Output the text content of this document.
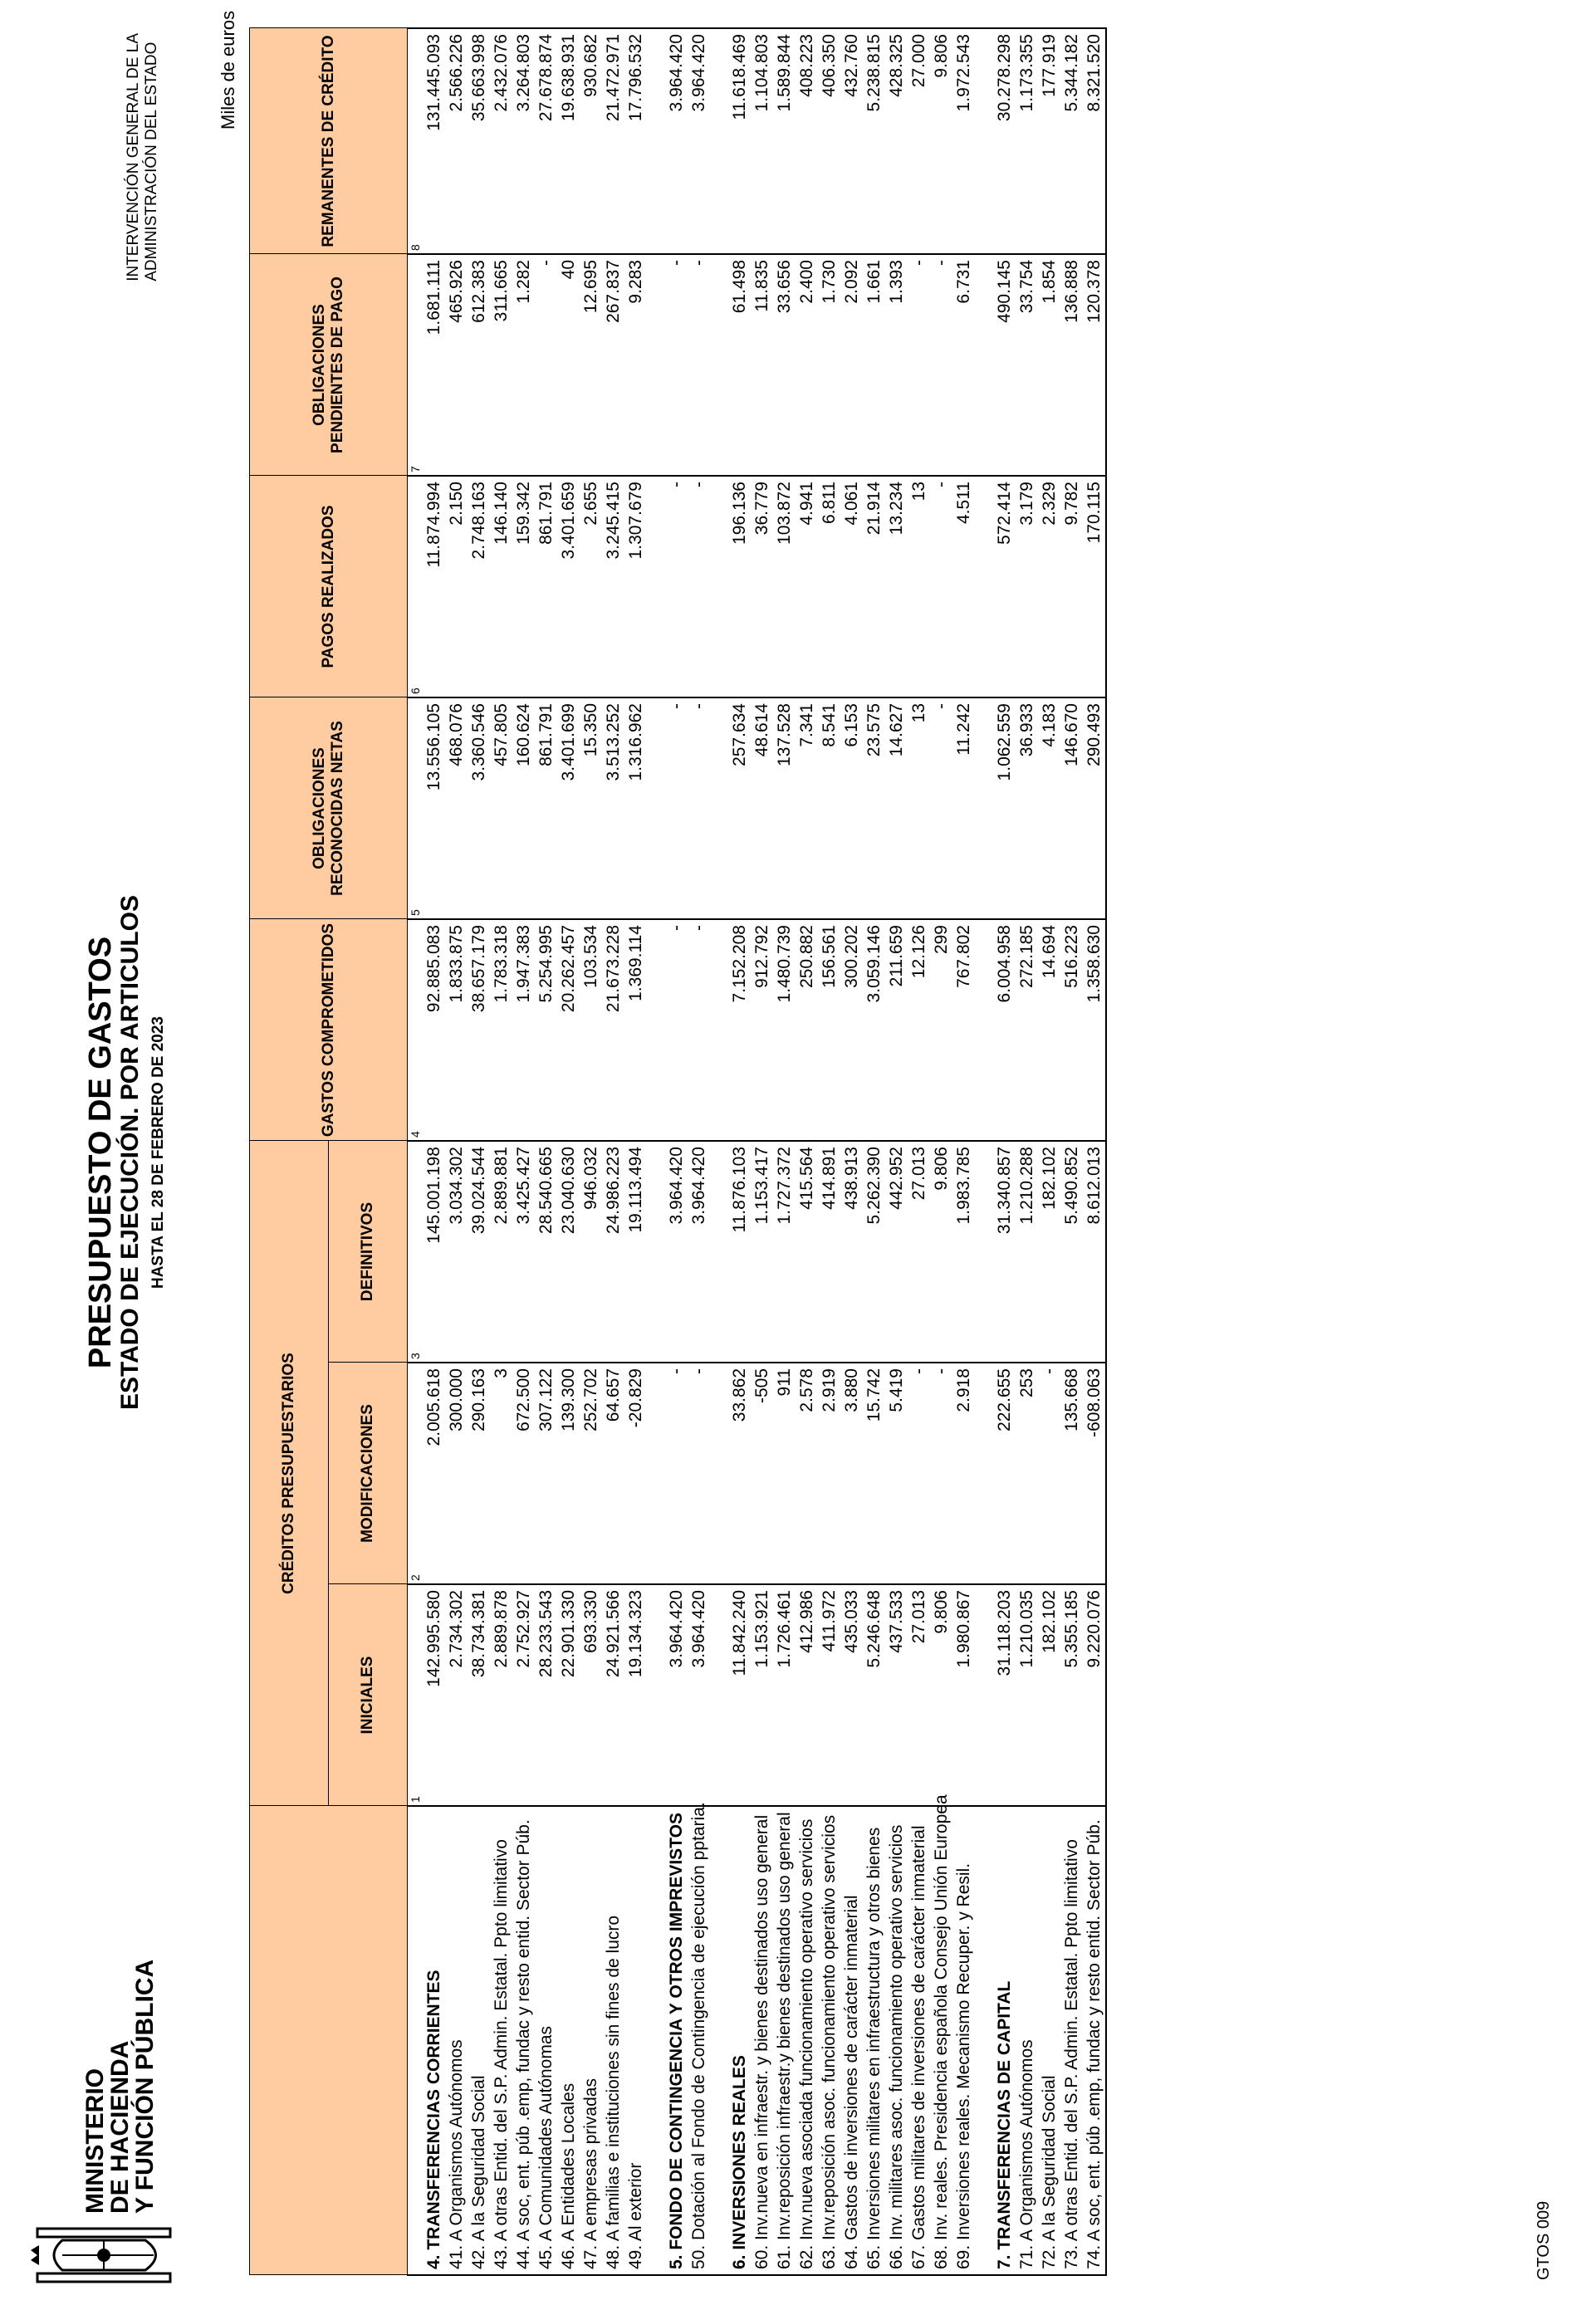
MINISTERIO
DE HACIENDA
Y FUNCIÓN PÚBLICA
PRESUPUESTO DE GASTOS
ESTADO DE EJECUCIÓN. POR ARTICULOS HASTA EL 28 DE FEBRERO DE 2023
INTERVENCIÓN GENERAL DE LA ADMINISTRACIÓN DEL ESTADO	Miles de euros
	CRÉDITOS PRESUPUESTARIOS			GASTOS COMPROMETIDOS	OBLIGACIONES RECONOCIDAS NETAS	PAGOS REALIZADOS	OBLIGACIONES PENDIENTES DE PAGO	REMANENTES DE CRÉDITO
	INICIALES	MODIFICACIONES	DEFINITIVOS					
	1	2	3	4	5	6	7	8
4. TRANSFERENCIAS CORRIENTES	142.995.580	2.005.618	145.001.198	92.885.083	13.556.105	11.874.994	1.681.111	131.445.093
41. A Organismos Autónomos	2.734.302	300.000	3.034.302	1.833.875	468.076	2.150	465.926	2.566.226
42. A la Seguridad Social	38.734.381	290.163	39.024.544	38.657.179	3.360.546	2.748.163	612.383	35.663.998
43. A otras Entid. del S.P. Admin. Estatal. Ppto limitativo	2.889.878	3	2.889.881	1.783.318	457.805	146.140	311.665	2.432.076
44. A soc, ent. púb .emp, fundac y resto entid. Sector Púb.	2.752.927	672.500	3.425.427	1.947.383	160.624	159.342	1.282	3.264.803
45. A Comunidades Autónomas	28.233.543	307.122	28.540.665	5.254.995	861.791	861.791	-	27.678.874
46. A Entidades Locales	22.901.330	139.300	23.040.630	20.262.457	3.401.699	3.401.659	40	19.638.931
47. A empresas privadas	693.330	252.702	946.032	103.534	15.350	2.655	12.695	930.682
48. A familias e instituciones sin fines de lucro	24.921.566	64.657	24.986.223	21.673.228	3.513.252	3.245.415	267.837	21.472.971
49. Al exterior	19.134.323	-20.829	19.113.494	1.369.114	1.316.962	1.307.679	9.283	17.796.532

5. FONDO DE CONTINGENCIA Y OTROS IMPREVISTOS	3.964.420	-	3.964.420	-	-	-	-	3.964.420
50. Dotación al Fondo de Contingencia de ejecución pptaria.	3.964.420	-	3.964.420	-	-	-	-	3.964.420

6. INVERSIONES REALES	11.842.240	33.862	11.876.103	7.152.208	257.634	196.136	61.498	11.618.469
60. Inv.nueva en infraestr. y bienes destinados uso general	1.153.921	-505	1.153.417	912.792	48.614	36.779	11.835	1.104.803
61. Inv.reposición infraestr.y bienes destinados uso general	1.726.461	911	1.727.372	1.480.739	137.528	103.872	33.656	1.589.844
62. Inv.nueva asociada funcionamiento operativo servicios	412.986	2.578	415.564	250.882	7.341	4.941	2.400	408.223
63. Inv.reposición asoc. funcionamiento operativo servicios	411.972	2.919	414.891	156.561	8.541	6.811	1.730	406.350
64. Gastos de inversiones de carácter inmaterial	435.033	3.880	438.913	300.202	6.153	4.061	2.092	432.760
65. Inversiones militares en infraestructura y otros bienes	5.246.648	15.742	5.262.390	3.059.146	23.575	21.914	1.661	5.238.815
66. Inv. militares asoc. funcionamiento operativo servicios	437.533	5.419	442.952	211.659	14.627	13.234	1.393	428.325
67. Gastos militares de inversiones de carácter inmaterial	27.013	-	27.013	12.126	13	13	-	27.000
68. Inv. reales. Presidencia española Consejo Unión Europea	9.806	-	9.806	299	-	-	-	9.806
69. Inversiones reales. Mecanismo Recuper. y Resil.	1.980.867	2.918	1.983.785	767.802	11.242	4.511	6.731	1.972.543

7. TRANSFERENCIAS DE CAPITAL	31.118.203	222.655	31.340.857	6.004.958	1.062.559	572.414	490.145	30.278.298
71. A Organismos Autónomos	1.210.035	253	1.210.288	272.185	36.933	3.179	33.754	1.173.355
72. A la Seguridad Social	182.102	-	182.102	14.694	4.183	2.329	1.854	177.919
73. A otras Entid. del S.P. Admin. Estatal. Ppto limitativo	5.355.185	135.668	5.490.852	516.223	146.670	9.782	136.888	5.344.182
74. A soc, ent. púb .emp, fundac y resto entid. Sector Púb.	9.220.076	-608.063	8.612.013	1.358.630	290.493	170.115	120.378	8.321.520
GTOS 009
